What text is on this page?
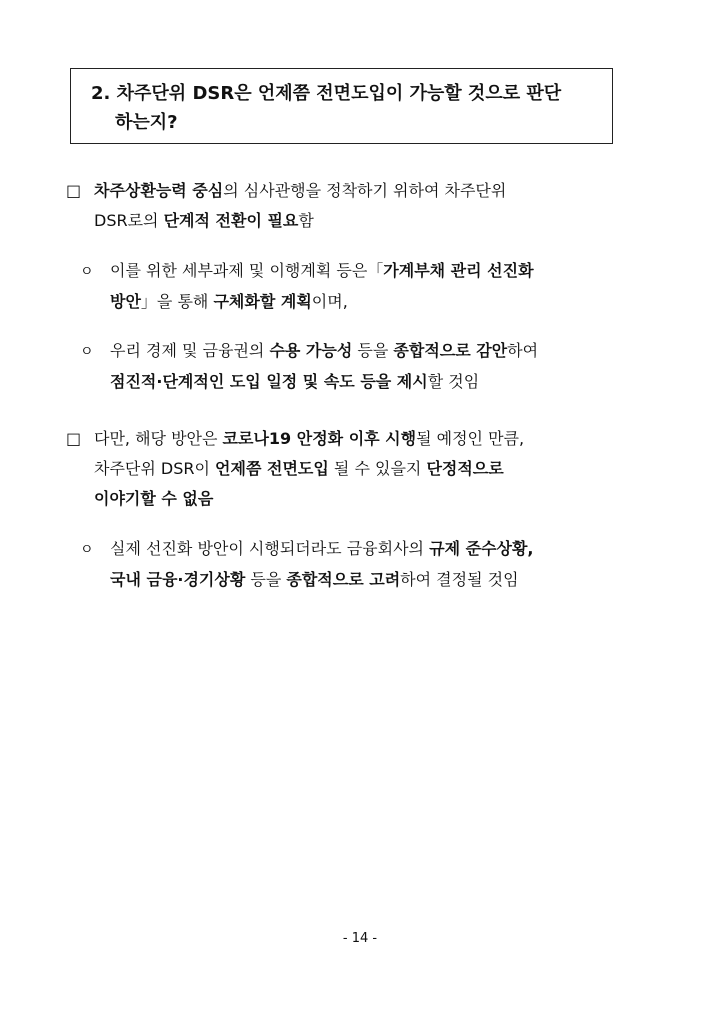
2. 차주단위 DSR은 언제쯤 전면도입이 가능할 것으로 판단
하는지?
□ 차주상환능력 중심의 심사관행을 정착하기 위하여 차주단위
DSR로의 단계적 전환이 필요함
ㅇ 이를 위한 세부과제 및 이행계획 등은「가계부채 관리 선진화
방안」을 통해 구체화할 계획이며,
ㅇ 우리 경제 및 금융권의 수용 가능성 등을 종합적으로 감안하여
점진적·단계적인 도입 일정 및 속도 등을 제시할 것임
□ 다만, 해당 방안은 코로나19 안정화 이후 시행될 예정인 만큼,
차주단위 DSR이 언제쯤 전면도입 될 수 있을지 단정적으로
이야기할 수 없음
ㅇ 실제 선진화 방안이 시행되더라도 금융회사의 규제 준수상황,
국내 금융·경기상황 등을 종합적으로 고려하여 결정될 것임
- 14 -
